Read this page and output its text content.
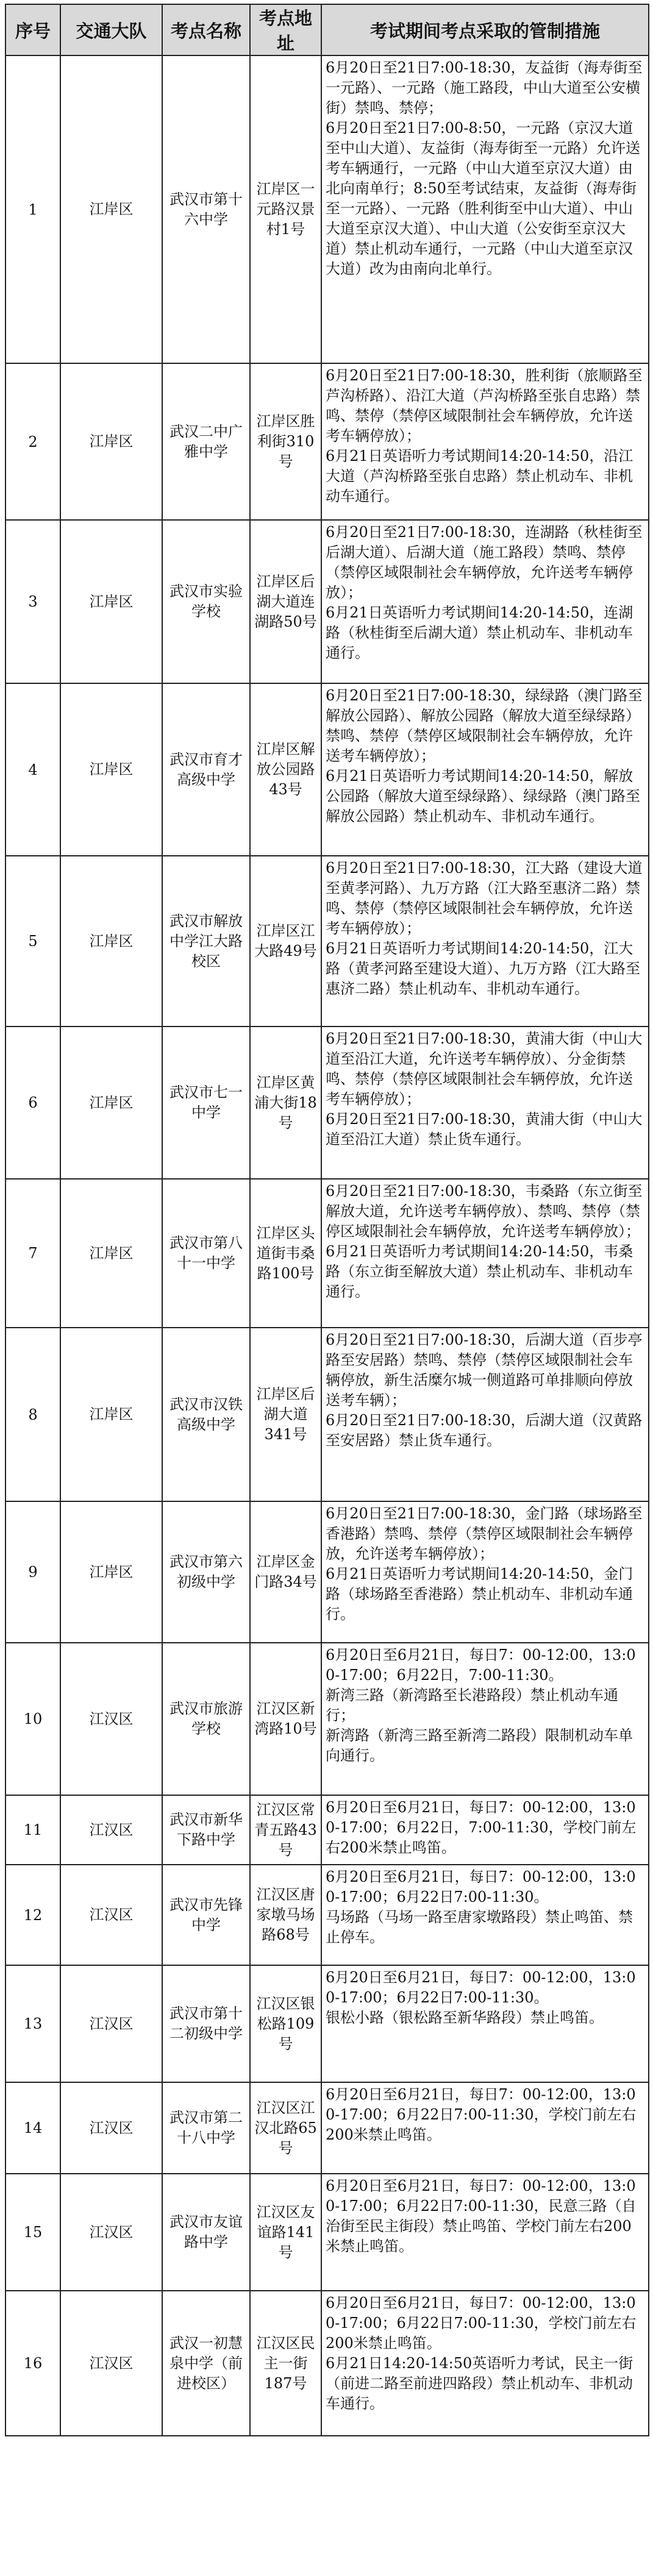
序号	交通大队	考点名称	考点地址	考试期间考点采取的管制措施
1	江岸区	武汉市第十六中学	江岸区一元路汉景村1号	6月20日至21日7:00-18:30，友益街（海寿街至一元路）、一元路（施工路段，中山大道至公安横街）禁鸣、禁停；
6月20日至21日7:00-8:50，一元路（京汉大道至中山大道）、友益街（海寿街至一元路）允许送考车辆通行，一元路（中山大道至京汉大道）由北向南单行；8:50至考试结束，友益街（海寿街至一元路）、一元路（胜利街至中山大道）、中山大道至京汉大道）、中山大道（公安街至京汉大道）禁止机动车通行，一元路（中山大道至京汉大道）改为由南向北单行。
2	江岸区	武汉二中广雅中学	江岸区胜利街310号	6月20日至21日7:00-18:30，胜利街（旅顺路至芦沟桥路）、沿江大道（芦沟桥路至张自忠路）禁鸣、禁停（禁停区域限制社会车辆停放，允许送考车辆停放）；
6月21日英语听力考试期间14:20-14:50，沿江大道（芦沟桥路至张自忠路）禁止机动车、非机动车通行。
3	江岸区	武汉市实验学校	江岸区后湖大道连湖路50号	6月20日至21日7:00-18:30，连湖路（秋桂街至后湖大道）、后湖大道（施工路段）禁鸣、禁停（禁停区域限制社会车辆停放，允许送考车辆停放）；
6月21日英语听力考试期间14:20-14:50，连湖路（秋桂街至后湖大道）禁止机动车、非机动车通行。
4	江岸区	武汉市育才高级中学	江岸区解放公园路43号	6月20日至21日7:00-18:30，绿绿路（澳门路至解放公园路）、解放公园路（解放大道至绿绿路）禁鸣、禁停（禁停区域限制社会车辆停放，允许送考车辆停放）；
6月21日英语听力考试期间14:20-14:50，解放公园路（解放大道至绿绿路）、绿绿路（澳门路至解放公园路）禁止机动车、非机动车通行。
5	江岸区	武汉市解放中学江大路校区	江岸区江大路49号	6月20日至21日7:00-18:30，江大路（建设大道至黄孝河路）、九万方路（江大路至惠济二路）禁鸣、禁停（禁停区域限制社会车辆停放，允许送考车辆停放）；
6月21日英语听力考试期间14:20-14:50，江大路（黄孝河路至建设大道）、九万方路（江大路至惠济二路）禁止机动车、非机动车通行。
6	江岸区	武汉市七一中学	江岸区黄浦大街18号	6月20日至21日7:00-18:30，黄浦大街（中山大道至沿江大道，允许送考车辆停放）、分金街禁鸣、禁停（禁停区域限制社会车辆停放，允许送考车辆停放）；
6月20日至21日7:00-18:30，黄浦大街（中山大道至沿江大道）禁止货车通行。
7	江岸区	武汉市第八十一中学	江岸区头道街韦桑路100号	6月20日至21日7:00-18:30，韦桑路（东立街至解放大道，允许送考车辆停放）、禁鸣、禁停（禁停区域限制社会车辆停放，允许送考车辆停放）；
6月21日英语听力考试期间14:20-14:50，韦桑路（东立街至解放大道）禁止机动车、非机动车通行。
8	江岸区	武汉市汉铁高级中学	江岸区后湖大道341号	6月20日至21日7:00-18:30，后湖大道（百步亭路至安居路）禁鸣、禁停（禁停区域限制社会车辆停放，新生活糜尔城一侧道路可单排顺向停放送考车辆）；
6月20日至21日7:00-18:30，后湖大道（汉黄路至安居路）禁止货车通行。
9	江岸区	武汉市第六初级中学	江岸区金门路34号	6月20日至21日7:00-18:30，金门路（球场路至香港路）禁鸣、禁停（禁停区域限制社会车辆停放，允许送考车辆停放）；
6月21日英语听力考试期间14:20-14:50，金门路（球场路至香港路）禁止机动车、非机动车通行。
10	江汉区	武汉市旅游学校	江汉区新湾路10号	6月20日至6月21日，每日7：00-12:00，13:00-17:00；6月22日，7:00-11:30。
新湾三路（新湾路至长港路段）禁止机动车通行；
新湾路（新湾三路至新湾二路段）限制机动车单向通行。
11	江汉区	武汉市新华下路中学	江汉区常青五路43号	6月20日至6月21日，每日7：00-12:00，13:00-17:00；6月22日，7:00-11:30，学校门前左右200米禁止鸣笛。
12	江汉区	武汉市先锋中学	江汉区唐家墩马场路68号	6月20日至6月21日，每日7：00-12:00，13:00-17:00；6月22日7:00-11:30。
马场路（马场一路至唐家墩路段）禁止鸣笛、禁止停车。
13	江汉区	武汉市第十二初级中学	江汉区银松路109号	6月20日至6月21日，每日7：00-12:00，13:00-17:00；6月22日7:00-11:30。
银松小路（银松路至新华路段）禁止鸣笛。
14	江汉区	武汉市第二十八中学	江汉区江汉北路65号	6月20日至6月21日，每日7：00-12:00，13:00-17:00；6月22日7:00-11:30，学校门前左右200米禁止鸣笛。
15	江汉区	武汉市友谊路中学	江汉区友谊路141号	6月20日至6月21日，每日7：00-12:00，13:00-17:00；6月22日7:00-11:30，民意三路（自治街至民主街段）禁止鸣笛、学校门前左右200米禁止鸣笛。
16	江汉区	武汉一初慧泉中学（前进校区）	江汉区民主一街187号	6月20日至6月21日，每日7：00-12:00，13:00-17:00；6月22日7:00-11:30，学校门前左右200米禁止鸣笛。
6月21日14:20-14:50英语听力考试，民主一街（前进二路至前进四路段）禁止机动车、非机动车通行。
